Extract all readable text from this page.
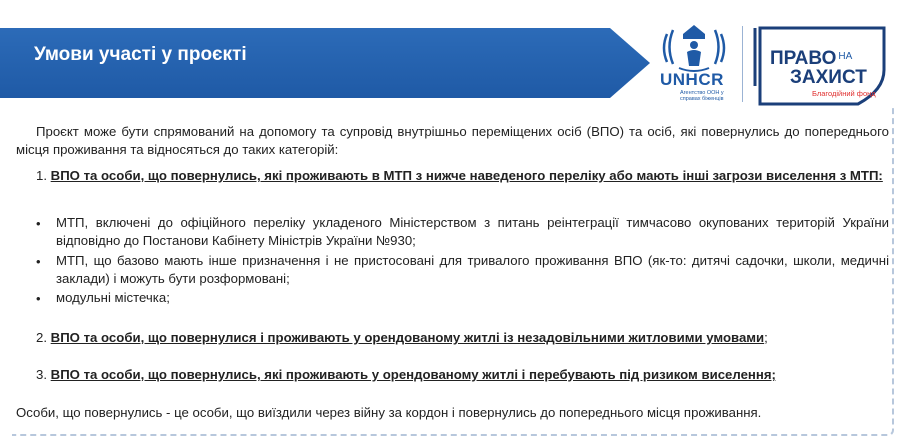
Умови участі у проєкті
UNHCR
Агентство ООН у справах біженців
ПРАВО $^{НА}$
ЗАХИСТ
Благодійний фонд
Проєкт може бути спрямований на допомогу та супровід внутрішньо переміщених осіб (ВПО) та осіб, які повернулись до попереднього місця проживання та відносяться до таких категорій:
1. ВПО та особи, що повернулись, які проживають в МТП з нижче наведеного переліку або мають інші загрози виселення з МТП:
• МТП, включені до офіційного переліку укладеного Міністерством з питань реінтеграції тимчасово окупованих територій України відповідно до Постанови Кабінету Міністрів України №930;
• МТП, що базово мають інше призначення і не пристосовані для тривалого проживання ВПО (як-то: дитячі садочки, школи, медичні заклади) і можуть бути розформовані;
• модульні містечка;
2. ВПО та особи, що повернулися і проживають у орендованому житлі із незадовільними житловими умовами;
3. ВПО та особи, що повернулись, які проживають у орендованому житлі і перебувають під ризиком виселення;
Особи, що повернулись - це особи, що виїздили через війну за кордон і повернулись до попереднього місця проживання.
